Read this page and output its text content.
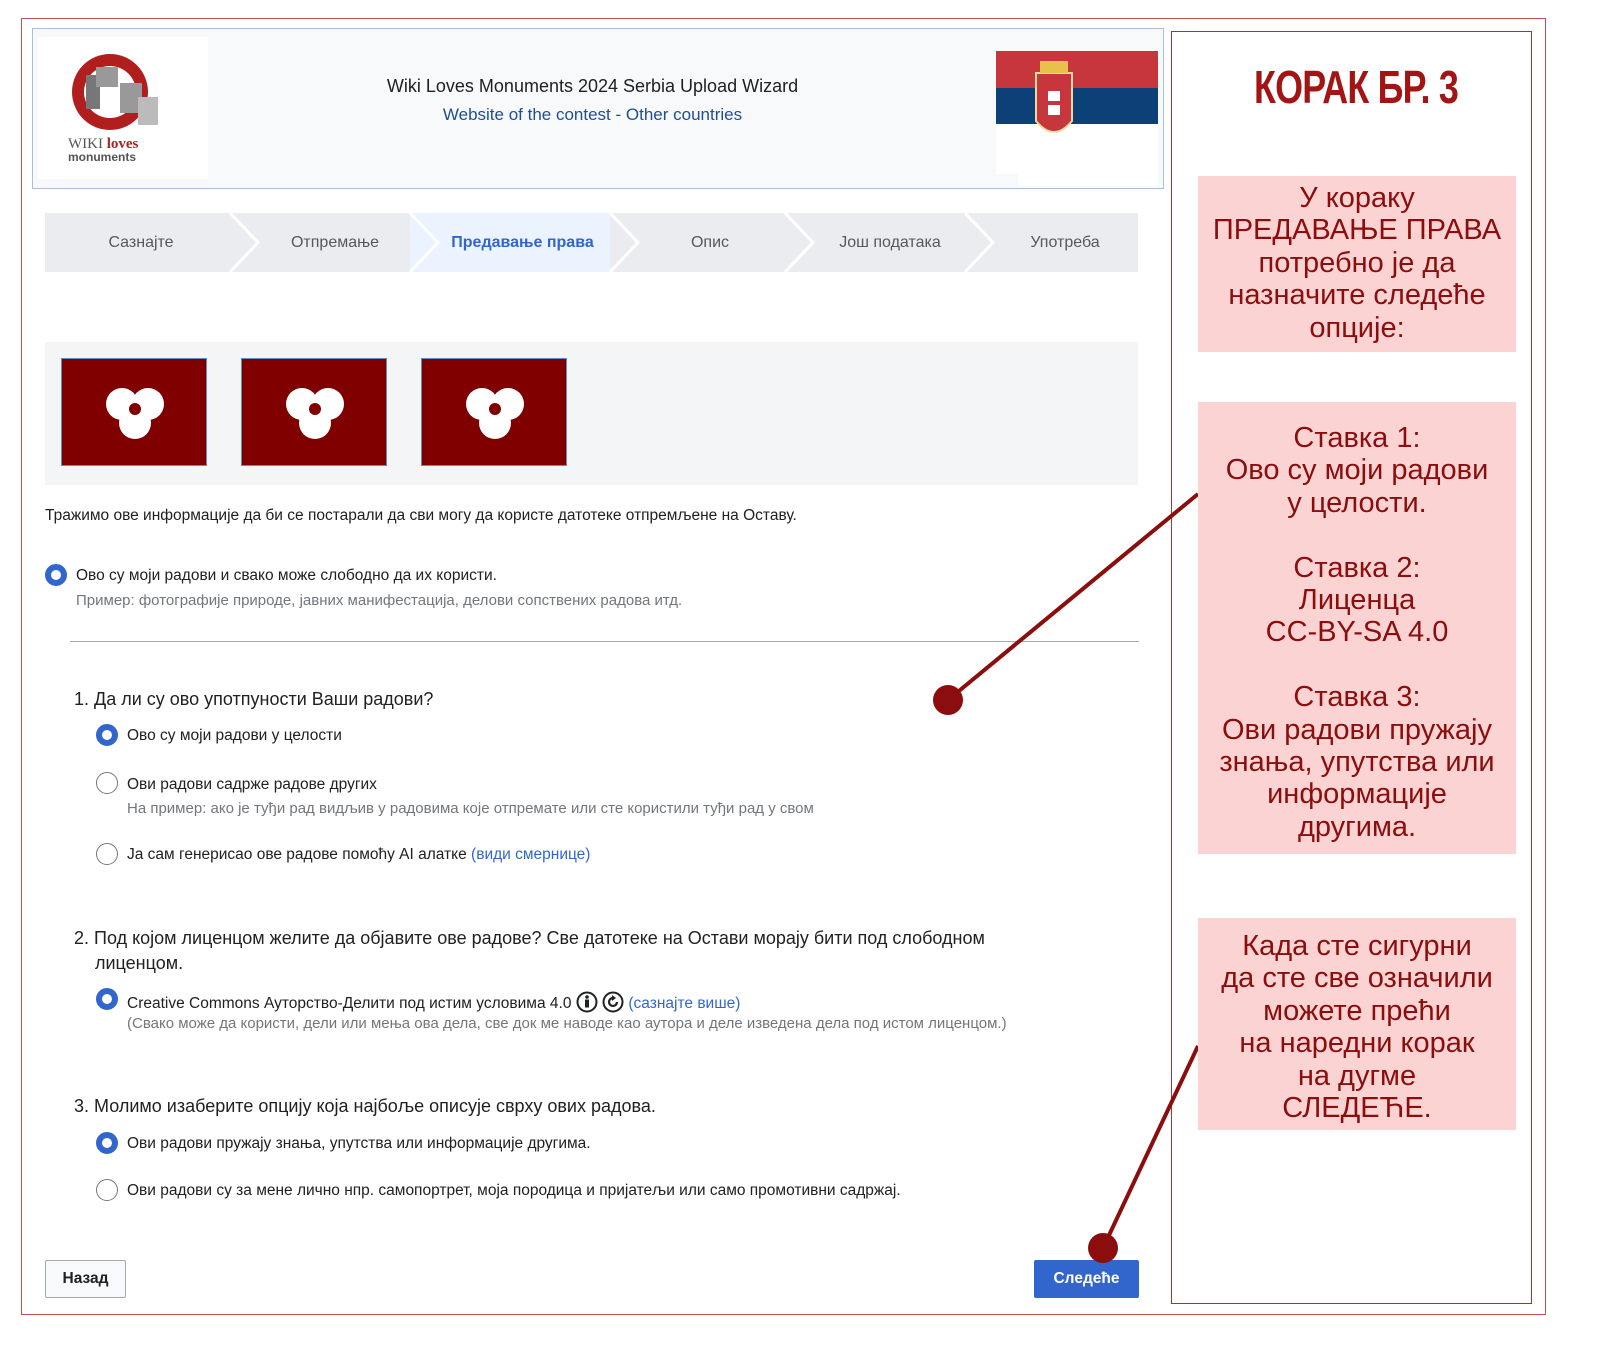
WIKI loves
monuments
Wiki Loves Monuments 2024 Serbia Upload Wizard
Website of the contest - Other countries
Сазнајте	Отпремање	Предавање права	Опис	Још података	Употреба
Тражимо ове информације да би се постарали да сви могу да користе датотеке отпремљене на Оставу.
Ово су моји радови и свако може слободно да их користи.
Пример: фотографије природе, јавних манифестација, делови сопствених радова итд.
1. Да ли су ово употпуности Ваши радови?
Ово су моји радови у целости
Ови радови садрже радове других
На пример: ако је туђи рад видљив у радовима које отпремате или сте користили туђи рад у свом
Ја сам генерисао ове радове помоћу AI алатке (види смернице)
2. Под којом лиценцом желите да објавите ове радове? Све датотеке на Остави морају бити под слободном
лиценцом.
Creative Commons Ауторство-Делити под истим условима 4.0	(сазнајте више)
(Свако може да користи, дели или мења ова дела, све док ме наводе као аутора и деле изведена дела под истом лиценцом.)
3. Молимо изаберите опцију која најбоље описује сврху ових радова.
Ови радови пружају знања, упутства или информације другима.
Ови радови су за мене лично нпр. самопортрет, моја породица и пријатељи или само промотивни садржај.
Назад	Следеће
КОРАК БР. 3
У кораку
ПРЕДАВАЊЕ ПРАВА
потребно је да
назначите следеће
опције:
Ставка 1:
Ово су моји радови
у целости.
Ставка 2:
Лиценца
CC-BY-SA 4.0
Ставка 3:
Ови радови пружају
знања, упутства или
информације
другима.
Када сте сигурни
да сте све означили
можете прећи
на наредни корак
на дугме
СЛЕДЕЋЕ.
